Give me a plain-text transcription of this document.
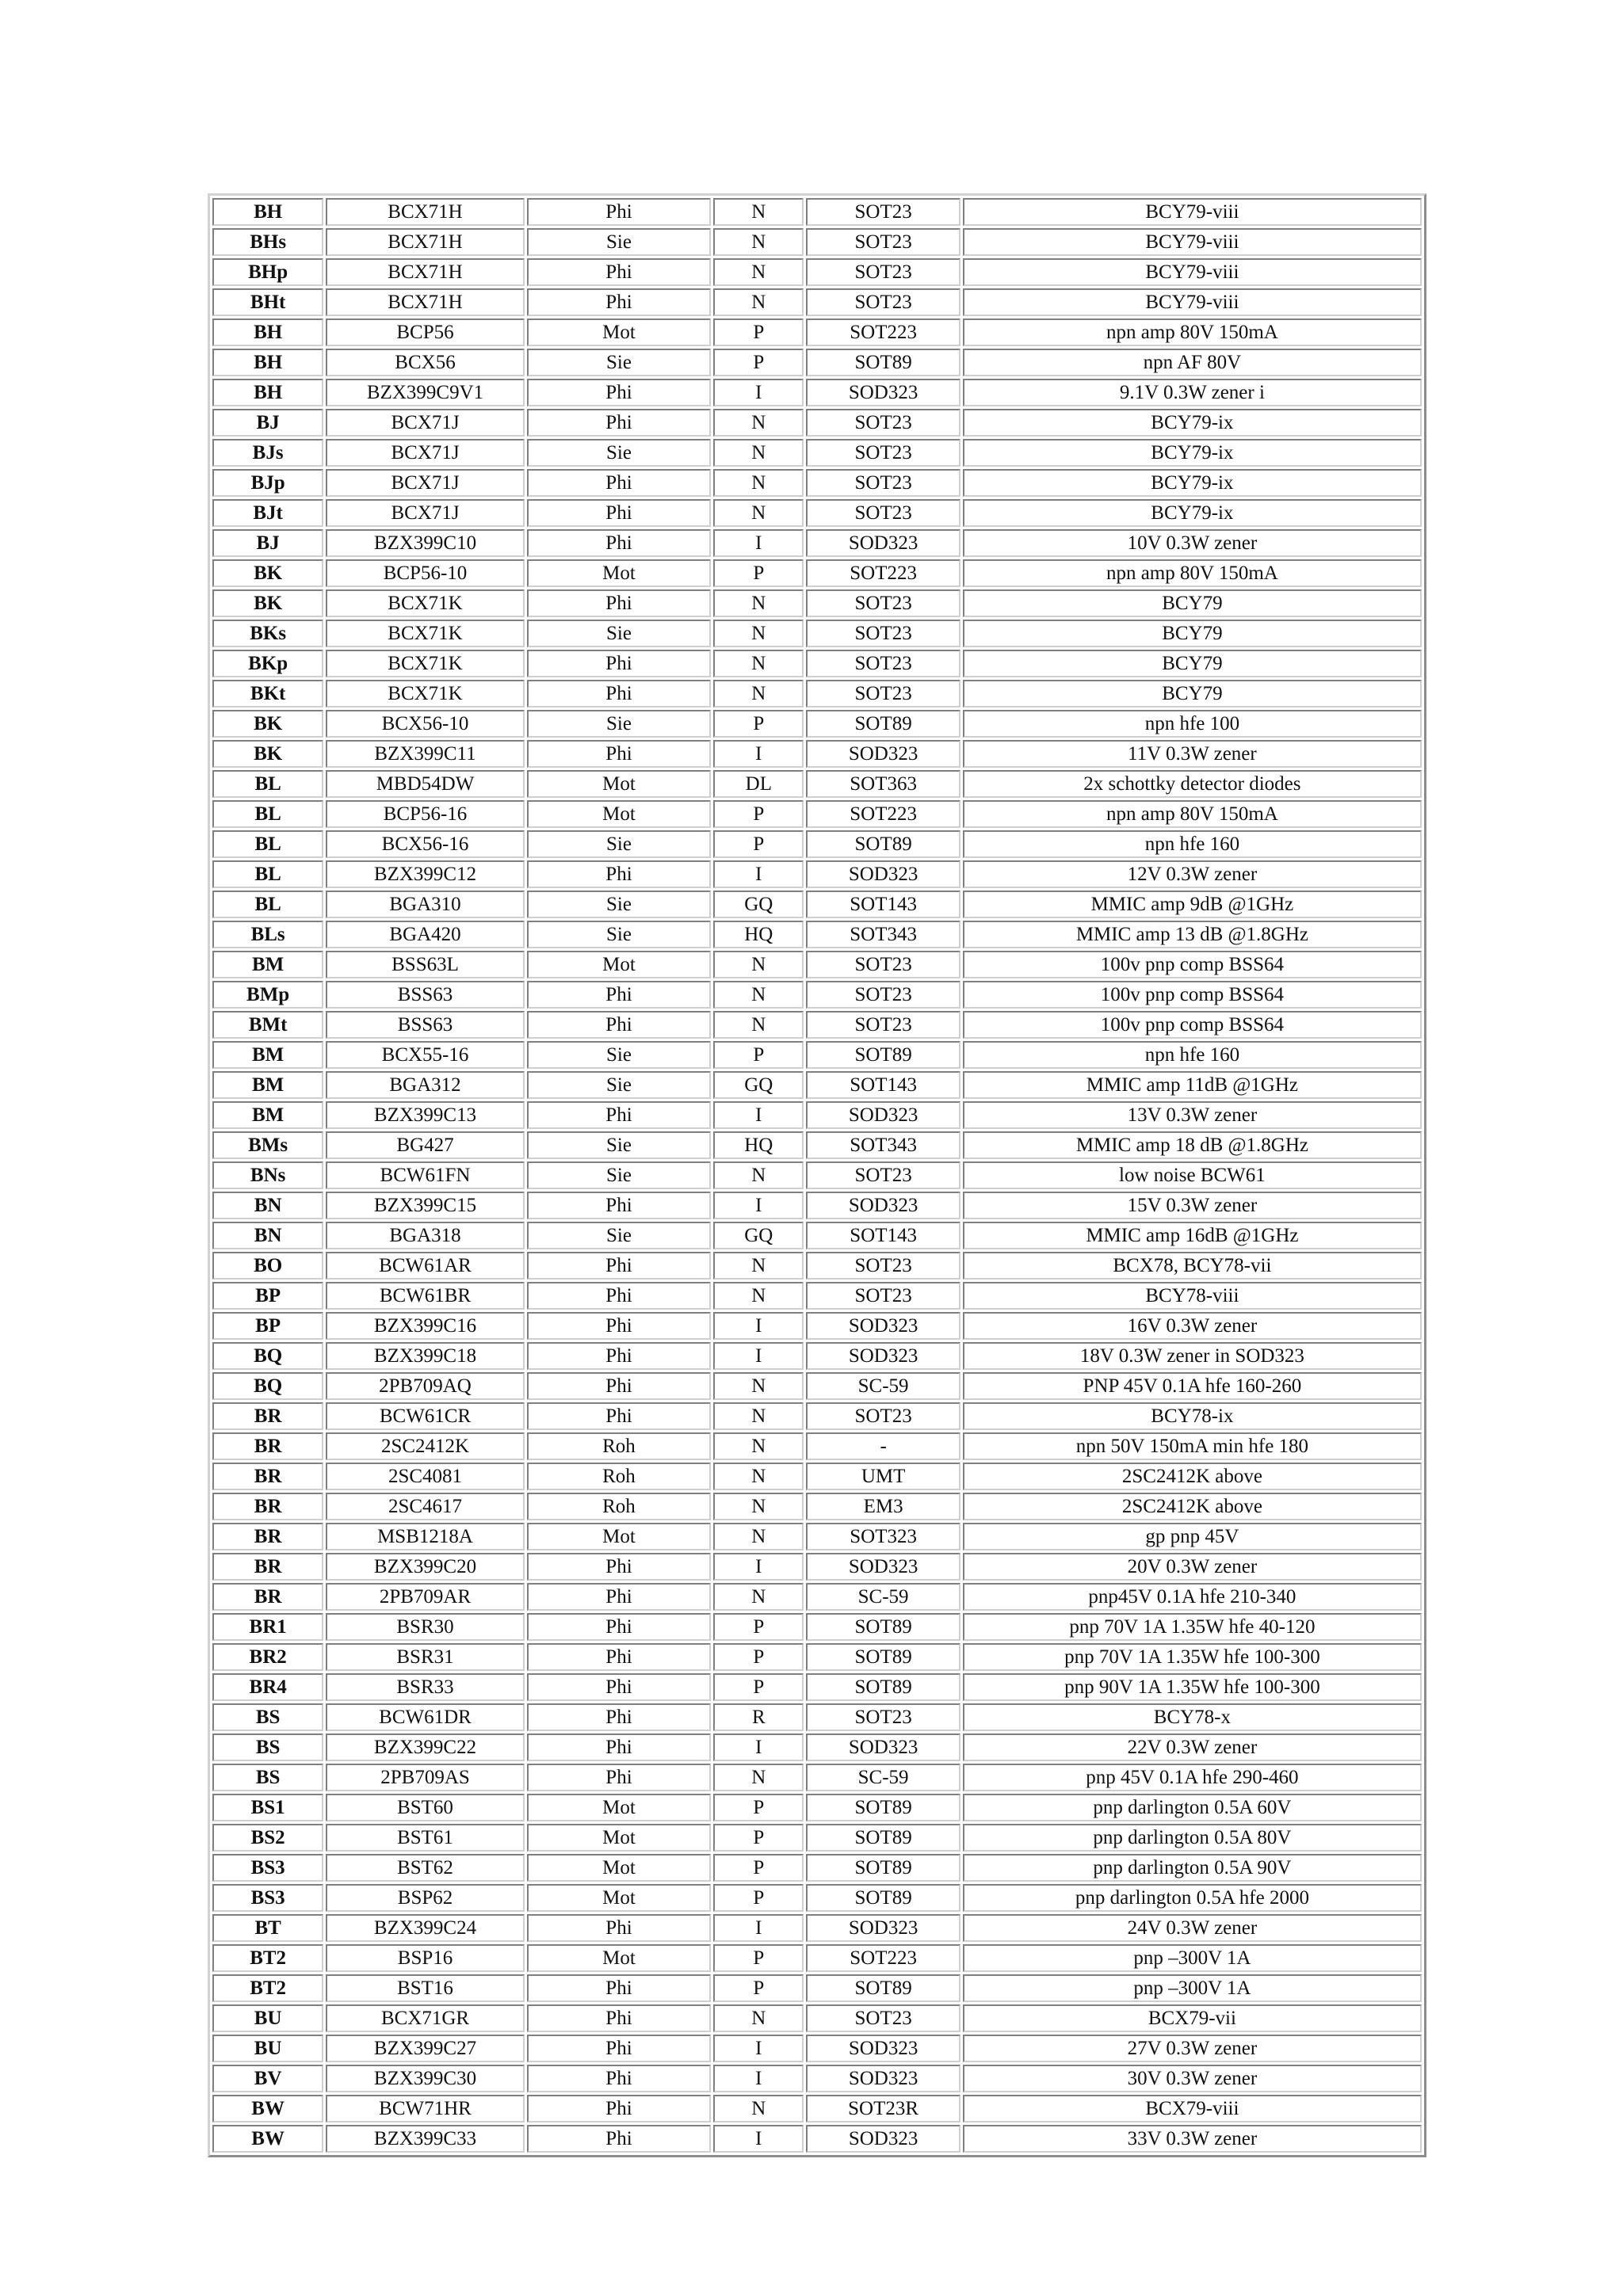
BH	BCX71H	Phi	N	SOT23	BCY79-viii
BHs	BCX71H	Sie	N	SOT23	BCY79-viii
BHp	BCX71H	Phi	N	SOT23	BCY79-viii
BHt	BCX71H	Phi	N	SOT23	BCY79-viii
BH	BCP56	Mot	P	SOT223	npn amp 80V 150mA
BH	BCX56	Sie	P	SOT89	npn AF 80V
BH	BZX399C9V1	Phi	I	SOD323	9.1V 0.3W zener i
BJ	BCX71J	Phi	N	SOT23	BCY79-ix
BJs	BCX71J	Sie	N	SOT23	BCY79-ix
BJp	BCX71J	Phi	N	SOT23	BCY79-ix
BJt	BCX71J	Phi	N	SOT23	BCY79-ix
BJ	BZX399C10	Phi	I	SOD323	10V 0.3W zener
BK	BCP56-10	Mot	P	SOT223	npn amp 80V 150mA
BK	BCX71K	Phi	N	SOT23	BCY79
BKs	BCX71K	Sie	N	SOT23	BCY79
BKp	BCX71K	Phi	N	SOT23	BCY79
BKt	BCX71K	Phi	N	SOT23	BCY79
BK	BCX56-10	Sie	P	SOT89	npn hfe 100
BK	BZX399C11	Phi	I	SOD323	11V 0.3W zener
BL	MBD54DW	Mot	DL	SOT363	2x schottky detector diodes
BL	BCP56-16	Mot	P	SOT223	npn amp 80V 150mA
BL	BCX56-16	Sie	P	SOT89	npn hfe 160
BL	BZX399C12	Phi	I	SOD323	12V 0.3W zener
BL	BGA310	Sie	GQ	SOT143	MMIC amp 9dB @1GHz
BLs	BGA420	Sie	HQ	SOT343	MMIC amp 13 dB @1.8GHz
BM	BSS63L	Mot	N	SOT23	100v pnp comp BSS64
BMp	BSS63	Phi	N	SOT23	100v pnp comp BSS64
BMt	BSS63	Phi	N	SOT23	100v pnp comp BSS64
BM	BCX55-16	Sie	P	SOT89	npn hfe 160
BM	BGA312	Sie	GQ	SOT143	MMIC amp 11dB @1GHz
BM	BZX399C13	Phi	I	SOD323	13V 0.3W zener
BMs	BG427	Sie	HQ	SOT343	MMIC amp 18 dB @1.8GHz
BNs	BCW61FN	Sie	N	SOT23	low noise BCW61
BN	BZX399C15	Phi	I	SOD323	15V 0.3W zener
BN	BGA318	Sie	GQ	SOT143	MMIC amp 16dB @1GHz
BO	BCW61AR	Phi	N	SOT23	BCX78, BCY78-vii
BP	BCW61BR	Phi	N	SOT23	BCY78-viii
BP	BZX399C16	Phi	I	SOD323	16V 0.3W zener
BQ	BZX399C18	Phi	I	SOD323	18V 0.3W zener in SOD323
BQ	2PB709AQ	Phi	N	SC-59	PNP 45V 0.1A hfe 160-260
BR	BCW61CR	Phi	N	SOT23	BCY78-ix
BR	2SC2412K	Roh	N	-	npn 50V 150mA min hfe 180
BR	2SC4081	Roh	N	UMT	2SC2412K above
BR	2SC4617	Roh	N	EM3	2SC2412K above
BR	MSB1218A	Mot	N	SOT323	gp pnp 45V
BR	BZX399C20	Phi	I	SOD323	20V 0.3W zener
BR	2PB709AR	Phi	N	SC-59	pnp45V 0.1A hfe 210-340
BR1	BSR30	Phi	P	SOT89	pnp 70V 1A 1.35W hfe 40-120
BR2	BSR31	Phi	P	SOT89	pnp 70V 1A 1.35W hfe 100-300
BR4	BSR33	Phi	P	SOT89	pnp 90V 1A 1.35W hfe 100-300
BS	BCW61DR	Phi	R	SOT23	BCY78-x
BS	BZX399C22	Phi	I	SOD323	22V 0.3W zener
BS	2PB709AS	Phi	N	SC-59	pnp 45V 0.1A hfe 290-460
BS1	BST60	Mot	P	SOT89	pnp darlington 0.5A 60V
BS2	BST61	Mot	P	SOT89	pnp darlington 0.5A 80V
BS3	BST62	Mot	P	SOT89	pnp darlington 0.5A 90V
BS3	BSP62	Mot	P	SOT89	pnp darlington 0.5A hfe 2000
BT	BZX399C24	Phi	I	SOD323	24V 0.3W zener
BT2	BSP16	Mot	P	SOT223	pnp –300V 1A
BT2	BST16	Phi	P	SOT89	pnp –300V 1A
BU	BCX71GR	Phi	N	SOT23	BCX79-vii
BU	BZX399C27	Phi	I	SOD323	27V 0.3W zener
BV	BZX399C30	Phi	I	SOD323	30V 0.3W zener
BW	BCW71HR	Phi	N	SOT23R	BCX79-viii
BW	BZX399C33	Phi	I	SOD323	33V 0.3W zener
